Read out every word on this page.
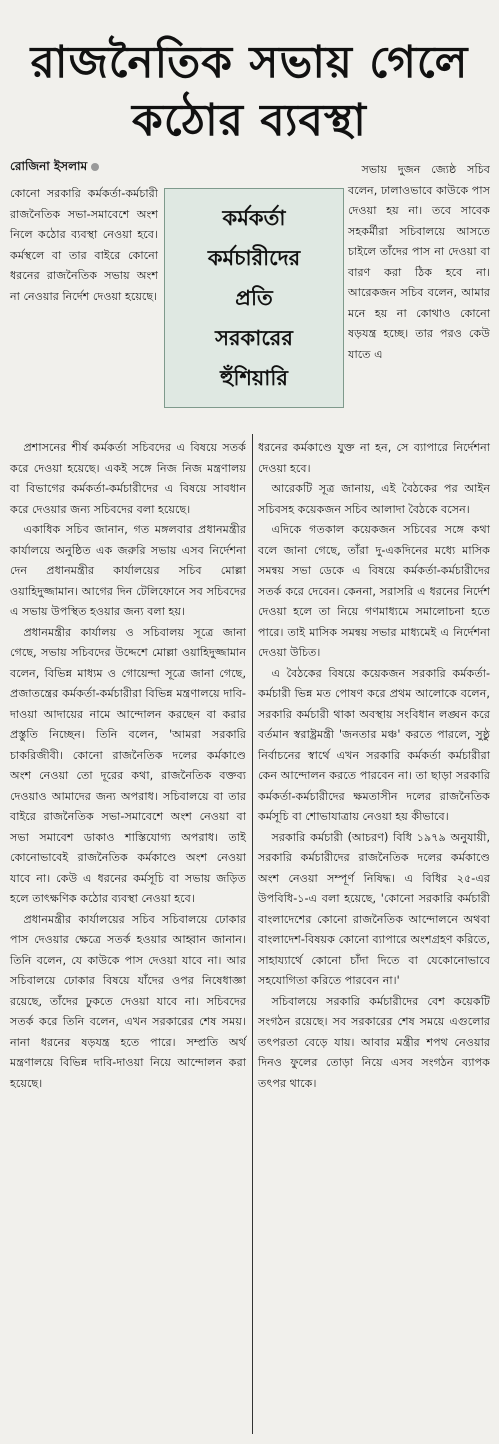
রাজনৈতিক সভায় গেলে
কঠোর ব্যবস্থা
রোজিনা ইসলাম

কোনো সরকারি কর্মকর্তা-কর্মচারী রাজনৈতিক সভা-সমাবেশে অংশ নিলে কঠোর ব্যবস্থা নেওয়া হবে। কর্মস্থলে বা তার বাইরে কোনো ধরনের রাজনৈতিক সভায় অংশ না নেওয়ার নির্দেশ দেওয়া হয়েছে।

কর্মকর্তা
কর্মচারীদের
প্রতি
সরকারের
হুঁশিয়ারি

সভায় দুজন জ্যেষ্ঠ সচিব বলেন, ঢালাওভাবে কাউকে পাস দেওয়া হয় না। তবে সাবেক সহকর্মীরা সচিবালয়ে আসতে চাইলে তাঁদের পাস না দেওয়া বা বারণ করা ঠিক হবে না। আরেকজন সচিব বলেন, আমার মনে হয় না কোথাও কোনো ষড়যন্ত্র হচ্ছে। তার পরও কেউ যাতে এ

প্রশাসনের শীর্ষ কর্মকর্তা সচিবদের এ বিষয়ে সতর্ক করে দেওয়া হয়েছে। একই সঙ্গে নিজ নিজ মন্ত্রণালয় বা বিভাগের কর্মকর্তা-কর্মচারীদের এ বিষয়ে সাবধান করে দেওয়ার জন্য সচিবদের বলা হয়েছে।

একাধিক সচিব জানান, গত মঙ্গলবার প্রধানমন্ত্রীর কার্যালয়ে অনুষ্ঠিত এক জরুরি সভায় এসব নির্দেশনা দেন প্রধানমন্ত্রীর কার্যালয়ের সচিব মোল্লা ওয়াহিদুজ্জামান। আগের দিন টেলিফোনে সব সচিবদের এ সভায় উপস্থিত হওয়ার জন্য বলা হয়।

প্রধানমন্ত্রীর কার্যালয় ও সচিবালয় সূত্রে জানা গেছে, সভায় সচিবদের উদ্দেশে মোল্লা ওয়াহিদুজ্জামান বলেন, বিভিন্ন মাধ্যম ও গোয়েন্দা সূত্রে জানা গেছে, প্রজাতন্ত্রের কর্মকর্তা-কর্মচারীরা বিভিন্ন মন্ত্রণালয়ে দাবি-দাওয়া আদায়ের নামে আন্দোলন করছেন বা করার প্রস্তুতি নিচ্ছেন। তিনি বলেন, 'আমরা সরকারি চাকরিজীবী। কোনো রাজনৈতিক দলের কর্মকাণ্ডে অংশ নেওয়া তো দূরের কথা, রাজনৈতিক বক্তব্য দেওয়াও আমাদের জন্য অপরাধ। সচিবালয়ে বা তার বাইরে রাজনৈতিক সভা-সমাবেশে অংশ নেওয়া বা সভা সমাবেশ ডাকাও শাস্তিযোগ্য অপরাধ। তাই কোনোভাবেই রাজনৈতিক কর্মকাণ্ডে অংশ নেওয়া যাবে না। কেউ এ ধরনের কর্মসূচি বা সভায় জড়িত হলে তাৎক্ষণিক কঠোর ব্যবস্থা নেওয়া হবে।

প্রধানমন্ত্রীর কার্যালয়ের সচিব সচিবালয়ে ঢোকার পাস দেওয়ার ক্ষেত্রে সতর্ক হওয়ার আহ্বান জানান। তিনি বলেন, যে কাউকে পাস দেওয়া যাবে না। আর সচিবালয়ে ঢোকার বিষয়ে যাঁদের ওপর নিষেধাজ্ঞা রয়েছে, তাঁদের ঢুকতে দেওয়া যাবে না। সচিবদের সতর্ক করে তিনি বলেন, এখন সরকারের শেষ সময়। নানা ধরনের ষড়যন্ত্র হতে পারে। সম্প্রতি অর্থ মন্ত্রণালয়ে বিভিন্ন দাবি-দাওয়া নিয়ে আন্দোলন করা হয়েছে।

ধরনের কর্মকাণ্ডে যুক্ত না হন, সে ব্যাপারে নির্দেশনা দেওয়া হবে।

আরেকটি সূত্র জানায়, এই বৈঠকের পর আইন সচিবসহ কয়েকজন সচিব আলাদা বৈঠকে বসেন।

এদিকে গতকাল কয়েকজন সচিবের সঙ্গে কথা বলে জানা গেছে, তাঁরা দু-একদিনের মধ্যে মাসিক সমন্বয় সভা ডেকে এ বিষয়ে কর্মকর্তা-কর্মচারীদের সতর্ক করে দেবেন। কেননা, সরাসরি এ ধরনের নির্দেশ দেওয়া হলে তা নিয়ে গণমাধ্যমে সমালোচনা হতে পারে। তাই মাসিক সমন্বয় সভার মাধ্যমেই এ নির্দেশনা দেওয়া উচিত।

এ বৈঠকের বিষয়ে কয়েকজন সরকারি কর্মকর্তা-কর্মচারী ভিন্ন মত পোষণ করে প্রথম আলোকে বলেন, সরকারি কর্মচারী থাকা অবস্থায় সংবিধান লঙ্ঘন করে বর্তমান স্বরাষ্ট্রমন্ত্রী 'জনতার মঞ্চ' করতে পারলে, সুষ্ঠু নির্বাচনের স্বার্থে এখন সরকারি কর্মকর্তা কর্মচারীরা কেন আন্দোলন করতে পারবেন না। তা ছাড়া সরকারি কর্মকর্তা-কর্মচারীদের ক্ষমতাসীন দলের রাজনৈতিক কর্মসূচি বা শোভাযাত্রায় নেওয়া হয় কীভাবে।

সরকারি কর্মচারী (আচরণ) বিধি ১৯৭৯ অনুযায়ী, সরকারি কর্মচারীদের রাজনৈতিক দলের কর্মকাণ্ডে অংশ নেওয়া সম্পূর্ণ নিষিদ্ধ। এ বিধির ২৫-এর উপবিধি-১-এ বলা হয়েছে, 'কোনো সরকারি কর্মচারী বাংলাদেশের কোনো রাজনৈতিক আন্দোলনে অথবা বাংলাদেশ-বিষয়ক কোনো ব্যাপারে অংশগ্রহণ করিতে, সাহায্যার্থে কোনো চাঁদা দিতে বা যেকোনোভাবে সহযোগিতা করিতে পারবেন না।'

সচিবালয়ে সরকারি কর্মচারীদের বেশ কয়েকটি সংগঠন রয়েছে। সব সরকারের শেষ সময়ে এগুলোর তৎপরতা বেড়ে যায়। আবার মন্ত্রীর শপথ নেওয়ার দিনও ফুলের তোড়া নিয়ে এসব সংগঠন ব্যাপক তৎপর থাকে।
